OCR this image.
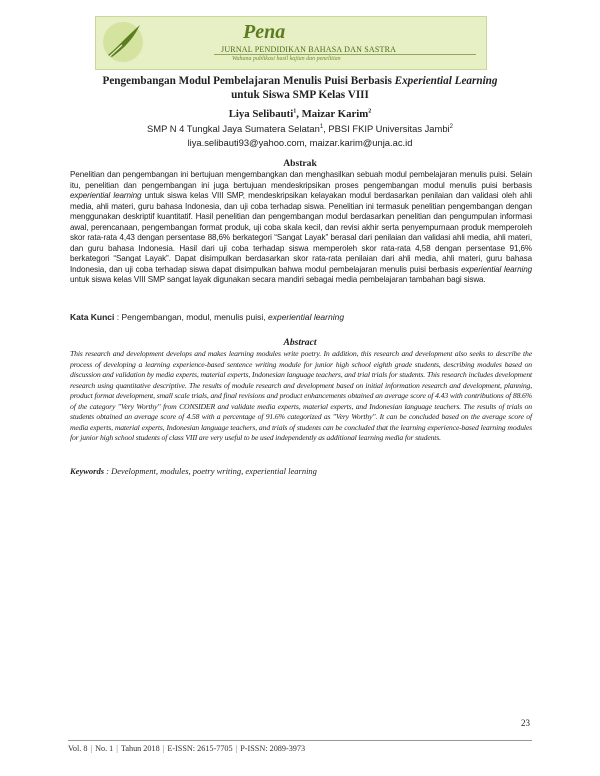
Pena
JURNAL PENDIDIKAN BAHASA DAN SASTRA
Wahana publikasi hasil kajian dan penelitian
Pengembangan Modul Pembelajaran Menulis Puisi Berbasis Experiential Learning
untuk Siswa SMP Kelas VIII
Liya Selibauti$^1$, Maizar Karim$^2$
SMP N 4 Tungkal Jaya Sumatera Selatan$^1$, PBSI FKIP Universitas Jambi$^2$
liya.selibauti93@yahoo.com, maizar.karim@unja.ac.id
Abstrak
Penelitian dan pengembangan ini bertujuan mengembangkan dan menghasilkan sebuah modul pembelajaran menulis puisi. Selain itu, penelitian dan pengembangan ini juga bertujuan mendeskripsikan proses pengembangan modul menulis puisi berbasis experiential learning untuk siswa kelas VIII SMP, mendeskripsikan kelayakan modul berdasarkan penilaian dan validasi oleh ahli media, ahli materi, guru bahasa Indonesia, dan uji coba terhadap siswa. Penelitian ini termasuk penelitian pengembangan dengan menggunakan deskriptif kuantitatif. Hasil penelitian dan pengembangan modul berdasarkan penelitian dan pengumpulan informasi awal, perencanaan, pengembangan format produk, uji coba skala kecil, dan revisi akhir serta penyempurnaan produk memperoleh skor rata-rata 4,43 dengan persentase 88,6% berkategori “Sangat Layak” berasal dari penilaian dan validasi ahli media, ahli materi, dan guru bahasa Indonesia. Hasil dari uji coba terhadap siswa memperoleh skor rata-rata 4,58 dengan persentase 91,6% berkategori “Sangat Layak”. Dapat disimpulkan berdasarkan skor rata-rata penilaian dari ahli media, ahli materi, guru bahasa Indonesia, dan uji coba terhadap siswa dapat disimpulkan bahwa modul pembelajaran menulis puisi berbasis experiential learning untuk siswa kelas VIII SMP sangat layak digunakan secara mandiri sebagai media pembelajaran tambahan bagi siswa.
Kata Kunci : Pengembangan, modul, menulis puisi, experiential learning
Abstract
This research and development develops and makes learning modules write poetry. In addition, this research and development also seeks to describe the process of developing a learning experience-based sentence writing module for junior high school eighth grade students, describing modules based on discussion and validation by media experts, material experts, Indonesian language teachers, and trial trials for students. This research includes development research using quantitative descriptive. The results of module research and development based on initial information research and development, planning, product format development, small scale trials, and final revisions and product enhancements obtained an average score of 4.43 with contributions of 88.6% of the category "Very Worthy" from CONSIDER and validate media experts, material experts, and Indonesian language teachers. The results of trials on students obtained an average score of 4.58 with a percentage of 91.6% categorized as "Very Worthy". It can be concluded based on the average score of media experts, material experts, Indonesian language teachers, and trials of students can be concluded that the learning experience-based learning modules for junior high school students of class VIII are very useful to be used independently as additional learning media for students.
Keywords : Development, modules, poetry writing, experiential learning
23
Vol. 8 | No. 1 | Tahun 2018 | E-ISSN: 2615-7705 | P-ISSN: 2089-3973
